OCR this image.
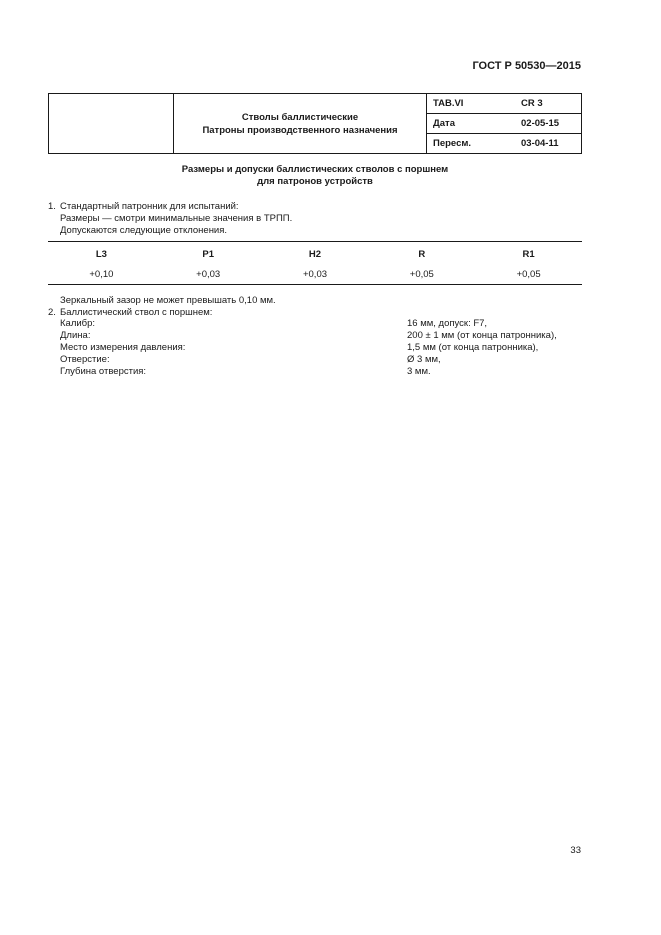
ГОСТ Р 50530—2015

	Стволы баллистические
Патроны производственного назначения	TAB.VI	CR 3
		Дата	02-05-15
		Пересм.	03-04-11
Размеры и допуски баллистических стволов с поршнем
для патронов устройств
1. Стандартный патронник для испытаний:
Размеры — смотри минимальные значения в ТРПП.
Допускаются следующие отклонения.
L3	P1	H2	R	R1
+0,10	+0,03	+0,03	+0,05	+0,05
Зеркальный зазор не может превышать 0,10 мм.
2. Баллистический ствол с поршнем:
Калибр:	16 мм, допуск: F7,
Длина:	200 ± 1 мм (от конца патронника),
Место измерения давления:	1,5 мм (от конца патронника),
Отверстие:	Ø 3 мм,
Глубина отверстия:	3 мм.
33
